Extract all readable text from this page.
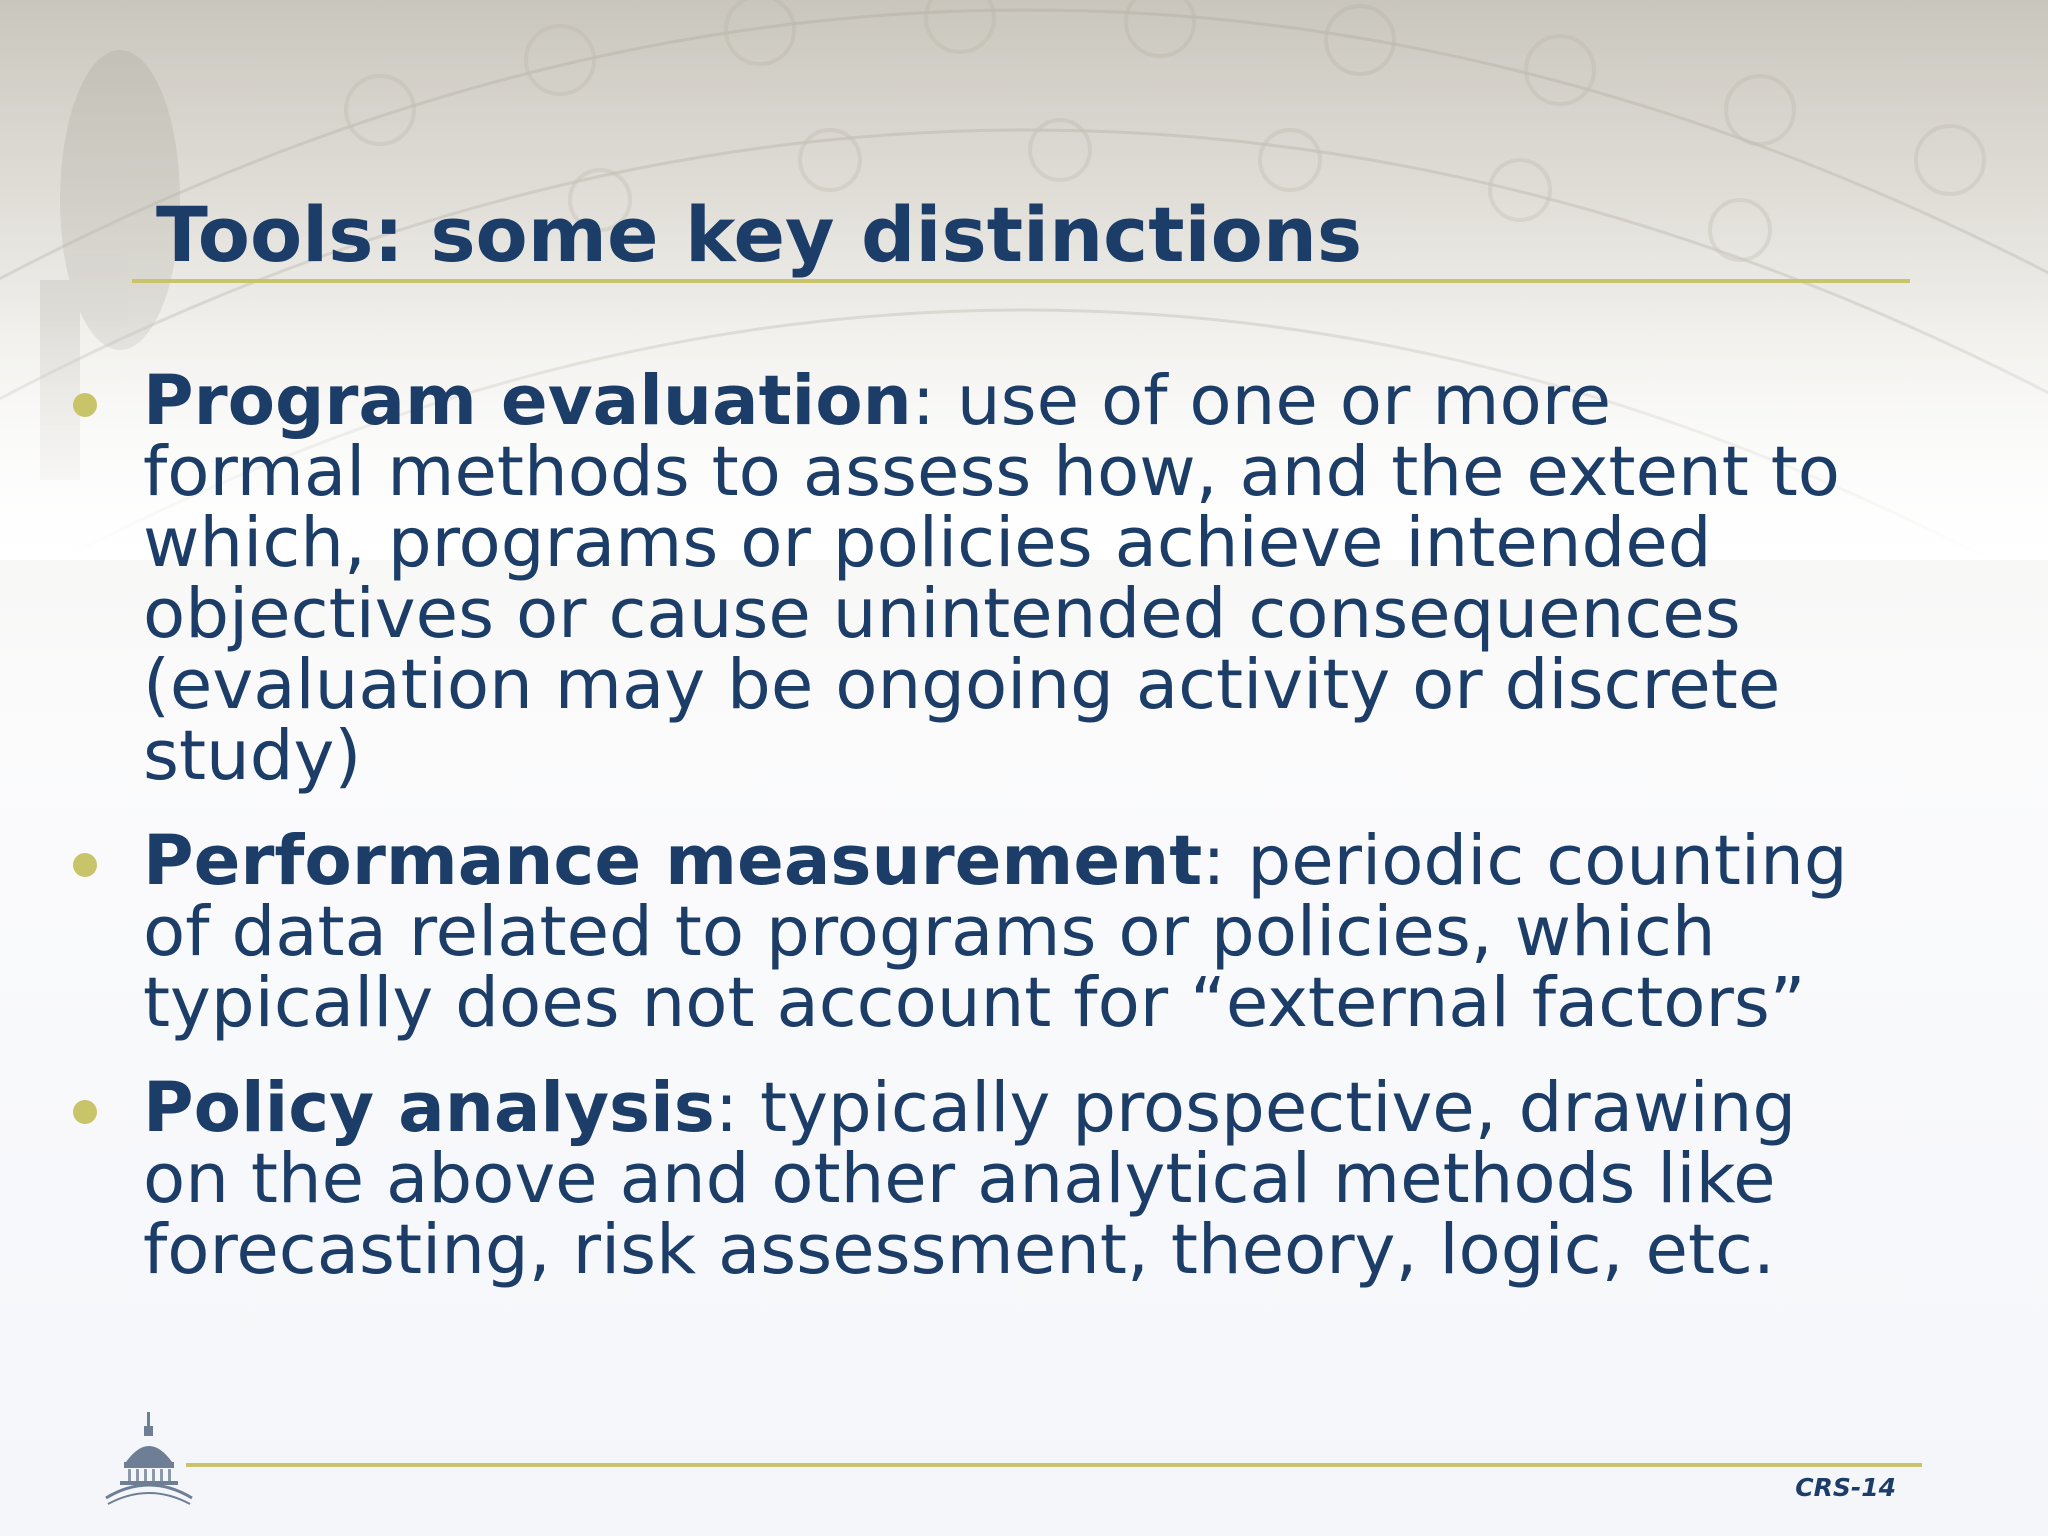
Tools: some key distinctions
Program evaluation: use of one or more
formal methods to assess how, and the extent to
which, programs or policies achieve intended
objectives or cause unintended consequences
(evaluation may be ongoing activity or discrete
study)
Performance measurement: periodic counting
of data related to programs or policies, which
typically does not account for “external factors”
Policy analysis: typically prospective, drawing
on the above and other analytical methods like
forecasting, risk assessment, theory, logic, etc.
CRS-14
